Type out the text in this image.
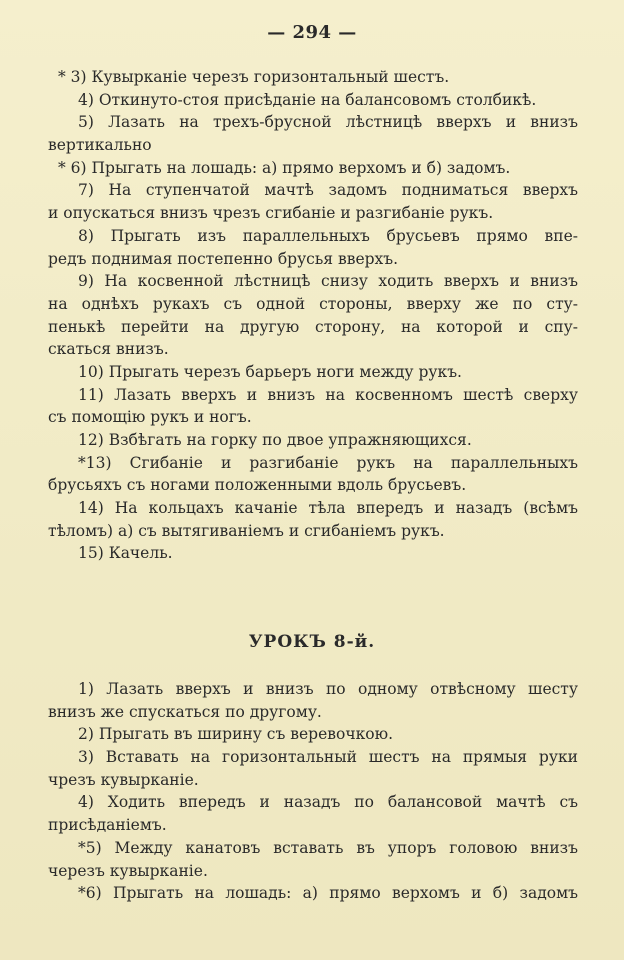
— 294 —
* 3) Кувырканіе черезъ горизонтальный шестъ.
4) Откинуто-стоя присѣданіе на балансовомъ столбикѣ.
5) Лазать на трехъ-брусной лѣстницѣ вверхъ и внизъ
вертикально
* 6) Прыгать на лошадь: а) прямо верхомъ и б) задомъ.
7) На ступенчатой мачтѣ задомъ подниматься вверхъ
и опускаться внизъ чрезъ сгибаніе и разгибаніе рукъ.
8) Прыгать изъ параллельныхъ брусьевъ прямо впе-
редъ поднимая постепенно брусья вверхъ.
9) На косвенной лѣстницѣ снизу ходить вверхъ и внизъ
на однѣхъ рукахъ съ одной стороны, вверху же по сту-
пенькѣ перейти на другую сторону, на которой и спу-
скаться внизъ.
10) Прыгать черезъ барьеръ ноги между рукъ.
11) Лазать вверхъ и внизъ на косвенномъ шестѣ сверху
съ помощію рукъ и ногъ.
12) Взбѣгать на горку по двое упражняющихся.
*13) Сгибаніе и разгибаніе рукъ на параллельныхъ
брусьяхъ съ ногами положенными вдоль брусьевъ.
14) На кольцахъ качаніе тѣла впередъ и назадъ (всѣмъ
тѣломъ) а) съ вытягиваніемъ и сгибаніемъ рукъ.
15) Качель.
УРОКЪ 8-й.
1) Лазать вверхъ и внизъ по одному отвѣсному шесту
внизъ же спускаться по другому.
2) Прыгать въ ширину съ веревочкою.
3) Вставать на горизонтальный шестъ на прямыя руки
чрезъ кувырканіе.
4) Ходить впередъ и назадъ по балансовой мачтѣ съ
присѣданіемъ.
*5) Между канатовъ вставать въ упоръ головою внизъ
черезъ кувырканіе.
*6) Прыгать на лошадь: а) прямо верхомъ и б) задомъ
